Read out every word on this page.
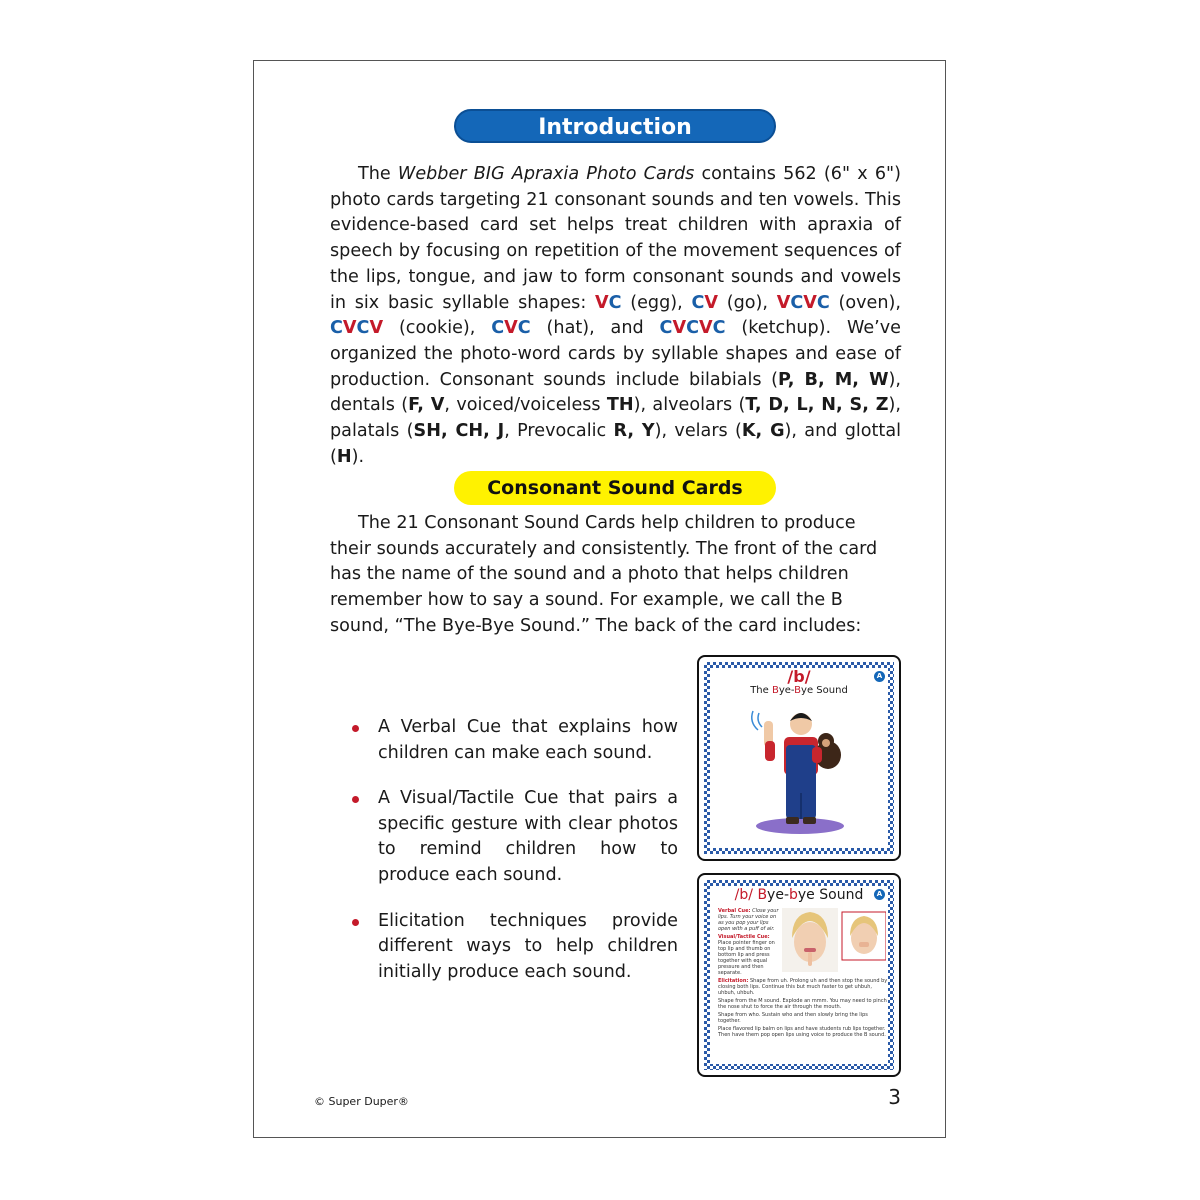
Introduction

The Webber BIG Apraxia Photo Cards contains 562 (6" x 6") photo cards targeting 21 consonant sounds and ten vowels. This evidence-based card set helps treat children with apraxia of speech by focusing on repetition of the movement sequences of the lips, tongue, and jaw to form consonant sounds and vowels in six basic syllable shapes: VC (egg), CV (go), VCVC (oven), CVCV (cookie), CVC (hat), and CVCVC (ketchup). We’ve organized the photo-word cards by syllable shapes and ease of production. Consonant sounds include bilabials (P, B, M, W), dentals (F, V, voiced/voiceless TH), alveolars (T, D, L, N, S, Z), palatals (SH, CH, J, Prevocalic R, Y), velars (K, G), and glottal (H).

Consonant Sound Cards

The 21 Consonant Sound Cards help children to produce their sounds accurately and consistently. The front of the card has the name of the sound and a photo that helps children remember how to say a sound. For example, we call the B sound, “The Bye-Bye Sound.” The back of the card includes:

A Verbal Cue that explains how children can make each sound.
A Visual/Tactile Cue that pairs a specific gesture with clear photos to remind children how to produce each sound.
Elicitation techniques provide different ways to help children initially produce each sound.
A
/b/
The Bye-Bye Sound
A
/b/ Bye-bye Sound
Verbal Cue: Close your lips. Turn your voice on as you pop your lips open with a puff of air.
Visual/Tactile Cue: Place pointer finger on top lip and thumb on bottom lip and press together with equal pressure and then separate.

Elicitation: Shape from uh. Prolong uh and then stop the sound by closing both lips. Continue this but much faster to get uhbuh, uhbuh, uhbuh.
Shape from the M sound. Explode an mmm. You may need to pinch the nose shut to force the air through the mouth.
Shape from who. Sustain who and then slowly bring the lips together.
Place flavored lip balm on lips and have students rub lips together. Then have them pop open lips using voice to produce the B sound.
© Super Duper®	3
